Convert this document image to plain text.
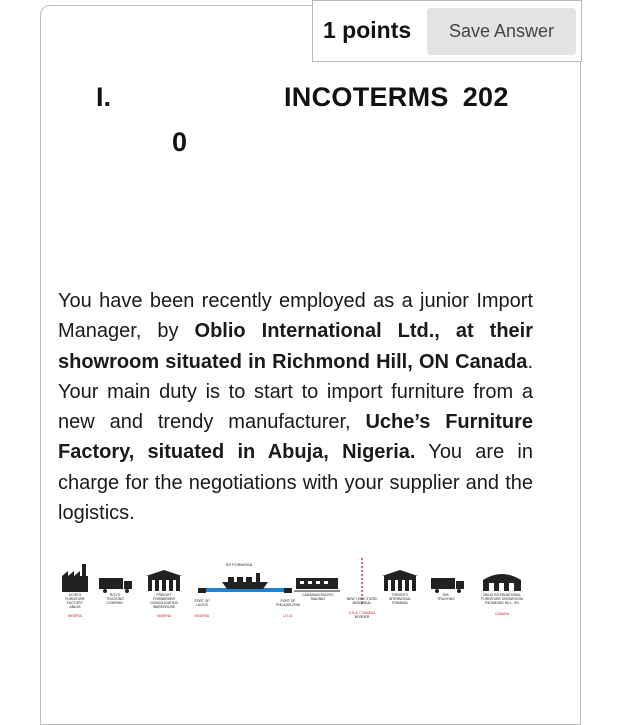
1 points	Save Answer
I.	INCOTERMS 202
0
You have been recently employed as a junior Import Manager, by Oblio International Ltd., at their showroom situated in Richmond Hill, ON Canada. Your main duty is to start to import furniture from a new and trendy manufacturer, Uche’s Furniture Factory, situated in Abuja, Nigeria. You are in charge for the negotiations with your supplier and the logistics.
SS FORMOSA
UCHE'S
FURNITURE
FACTORY
ABUJA
NIGERIA
ROY'S
TRUCKING
COMPANY
FREIGHT
FORWARDER
CONSOLIDATION
WAREHOUSE
NIGERIA
PORT OF
LAGOS
NIGERIA
PORT OF
PHILADELPHIA
U.S.A.
CANADIAN PACIFIC
RAILWAY	NEW YORK STATE/
MONTREAL
U.S.A. / CANADA
BORDER
TORONTO
INTERMODAL
TERMINAL
DHL
TRUCKING
OBLIO INTERNATIONAL
FURNITURE SHOWROOM
RICHMOND HILL, ON
CANADA
